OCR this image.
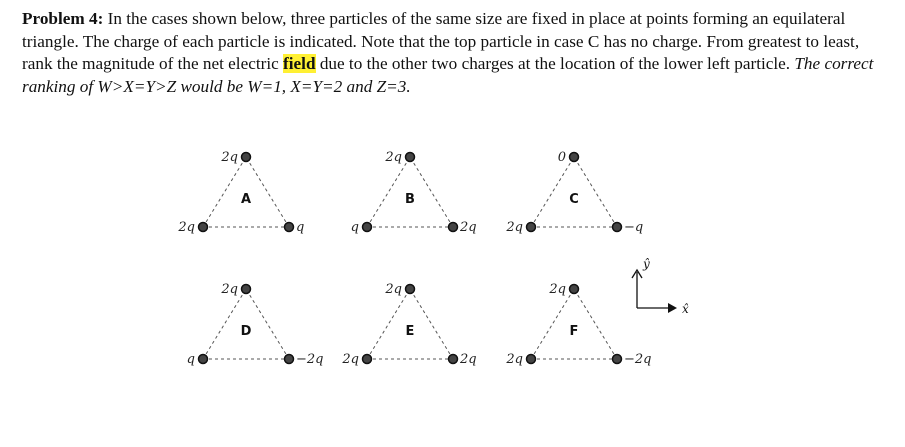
Problem 4: In the cases shown below, three particles of the same size are fixed in place at points forming an equilateral triangle. The charge of each particle is indicated. Note that the top particle in case C has no charge. From greatest to least, rank the magnitude of the net electric field due to the other two charges at the location of the lower left particle. The correct ranking of W>X=Y>Z would be W=1, X=Y=2 and Z=3.
A
2q
2q	q
B
2q
q	2q
C
0
2q	−q
D
2q
q	−2q
E
2q
2q	2q
F
2q
2q	−2q
ŷ
x̂
